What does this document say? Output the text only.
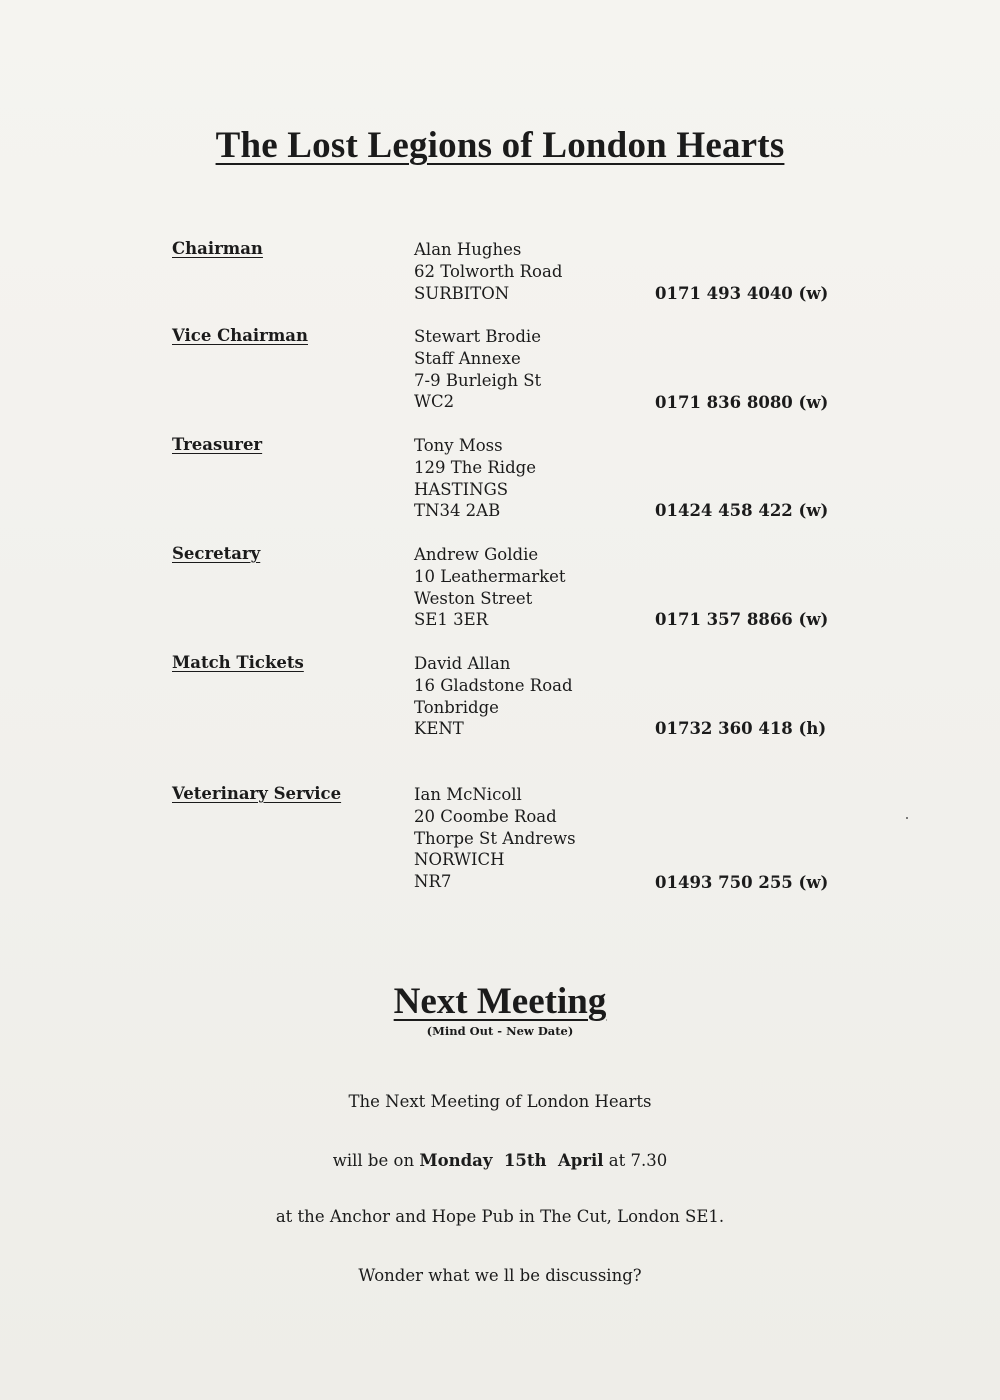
The Lost Legions of London Hearts
Chairman	Alan Hughes
62 Tolworth Road
SURBITON	0171 493 4040 (w)
Vice Chairman	Stewart Brodie
Staff Annexe
7-9 Burleigh St
WC2	0171 836 8080 (w)
Treasurer	Tony Moss
129 The Ridge
HASTINGS
TN34 2AB	01424 458 422 (w)
Secretary	Andrew Goldie
10 Leathermarket
Weston Street
SE1 3ER	0171 357 8866 (w)
Match Tickets	David Allan
16 Gladstone Road
Tonbridge
KENT	01732 360 418 (h)
Veterinary Service	Ian McNicoll
20 Coombe Road
Thorpe St Andrews
NORWICH
NR7	01493 750 255 (w)
Next Meeting
(Mind Out - New Date)
The Next Meeting of London Hearts
will be on Monday  15th  April at 7.30
at the Anchor and Hope Pub in The Cut, London SE1.
Wonder what we ll be discussing?
